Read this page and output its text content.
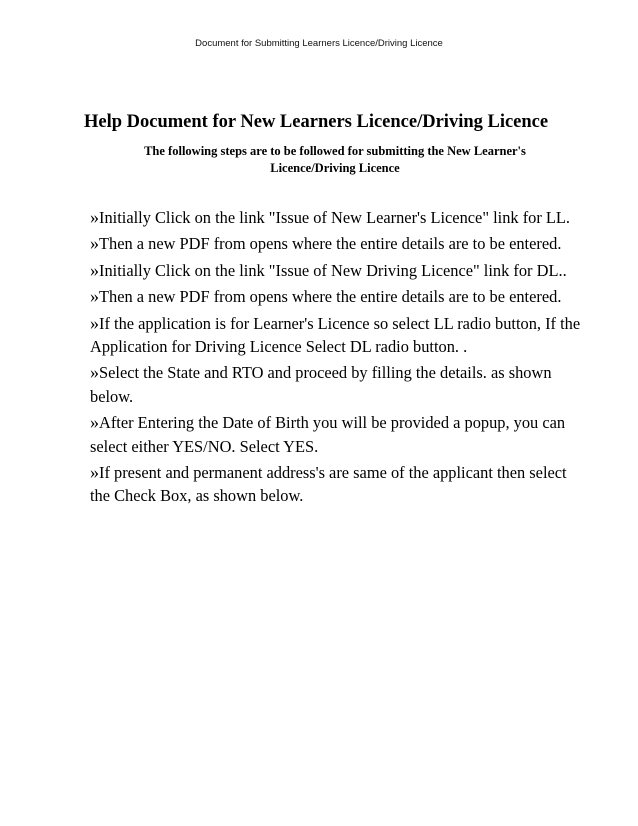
Document for Submitting Learners Licence/Driving Licence
Help Document for New Learners Licence/Driving Licence

The following steps are to be followed for submitting the New Learner's
Licence/Driving Licence

»Initially Click on the link "Issue of New Learner's Licence" link for LL.
»Then a new PDF from opens where the entire details are to be entered.
»Initially Click on the link "Issue of New Driving Licence" link for DL..
»Then a new PDF from opens where the entire details are to be entered.
»If the application is for Learner's Licence so select LL radio button, If the Application for Driving Licence Select DL radio button. .
»Select the State and RTO and proceed by filling the details. as shown below.
»After Entering the Date of Birth you will be provided a popup, you can select either YES/NO. Select YES.
»If present and permanent address's are same of the applicant then select the Check Box, as shown below.
